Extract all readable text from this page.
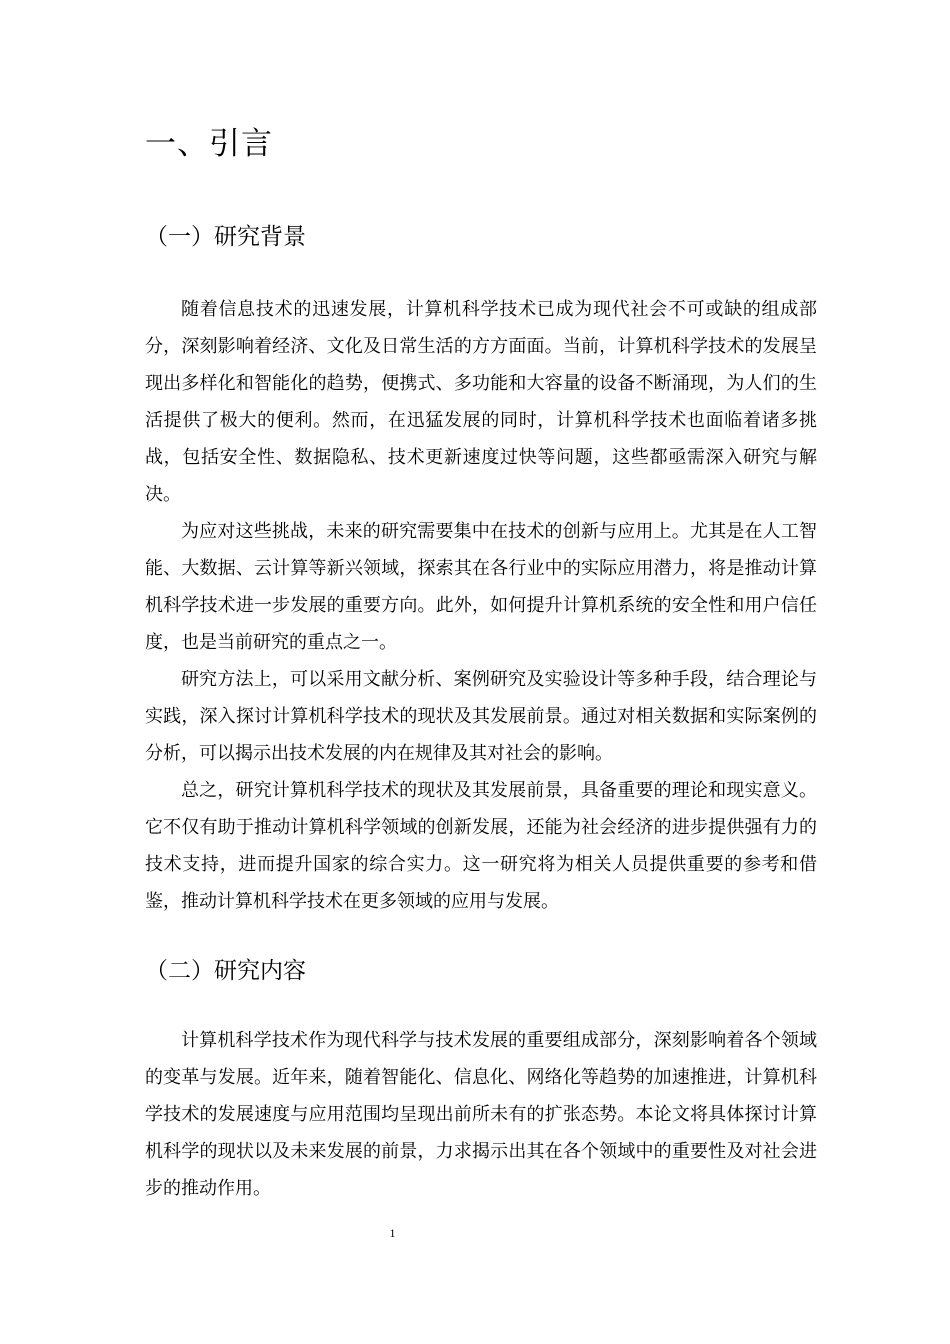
一、引言
（一）研究背景

随着信息技术的迅速发展，计算机科学技术已成为现代社会不可或缺的组成部分，深刻影响着经济、文化及日常生活的方方面面。当前，计算机科学技术的发展呈现出多样化和智能化的趋势，便携式、多功能和大容量的设备不断涌现，为人们的生活提供了极大的便利。然而，在迅猛发展的同时，计算机科学技术也面临着诸多挑战，包括安全性、数据隐私、技术更新速度过快等问题，这些都亟需深入研究与解决。

为应对这些挑战，未来的研究需要集中在技术的创新与应用上。尤其是在人工智能、大数据、云计算等新兴领域，探索其在各行业中的实际应用潜力，将是推动计算机科学技术进一步发展的重要方向。此外，如何提升计算机系统的安全性和用户信任度，也是当前研究的重点之一。

研究方法上，可以采用文献分析、案例研究及实验设计等多种手段，结合理论与实践，深入探讨计算机科学技术的现状及其发展前景。通过对相关数据和实际案例的分析，可以揭示出技术发展的内在规律及其对社会的影响。

总之，研究计算机科学技术的现状及其发展前景，具备重要的理论和现实意义。它不仅有助于推动计算机科学领域的创新发展，还能为社会经济的进步提供强有力的技术支持，进而提升国家的综合实力。这一研究将为相关人员提供重要的参考和借鉴，推动计算机科学技术在更多领域的应用与发展。

（二）研究内容

计算机科学技术作为现代科学与技术发展的重要组成部分，深刻影响着各个领域的变革与发展。近年来，随着智能化、信息化、网络化等趋势的加速推进，计算机科学技术的发展速度与应用范围均呈现出前所未有的扩张态势。本论文将具体探讨计算机科学的现状以及未来发展的前景，力求揭示出其在各个领域中的重要性及对社会进步的推动作用。

1
